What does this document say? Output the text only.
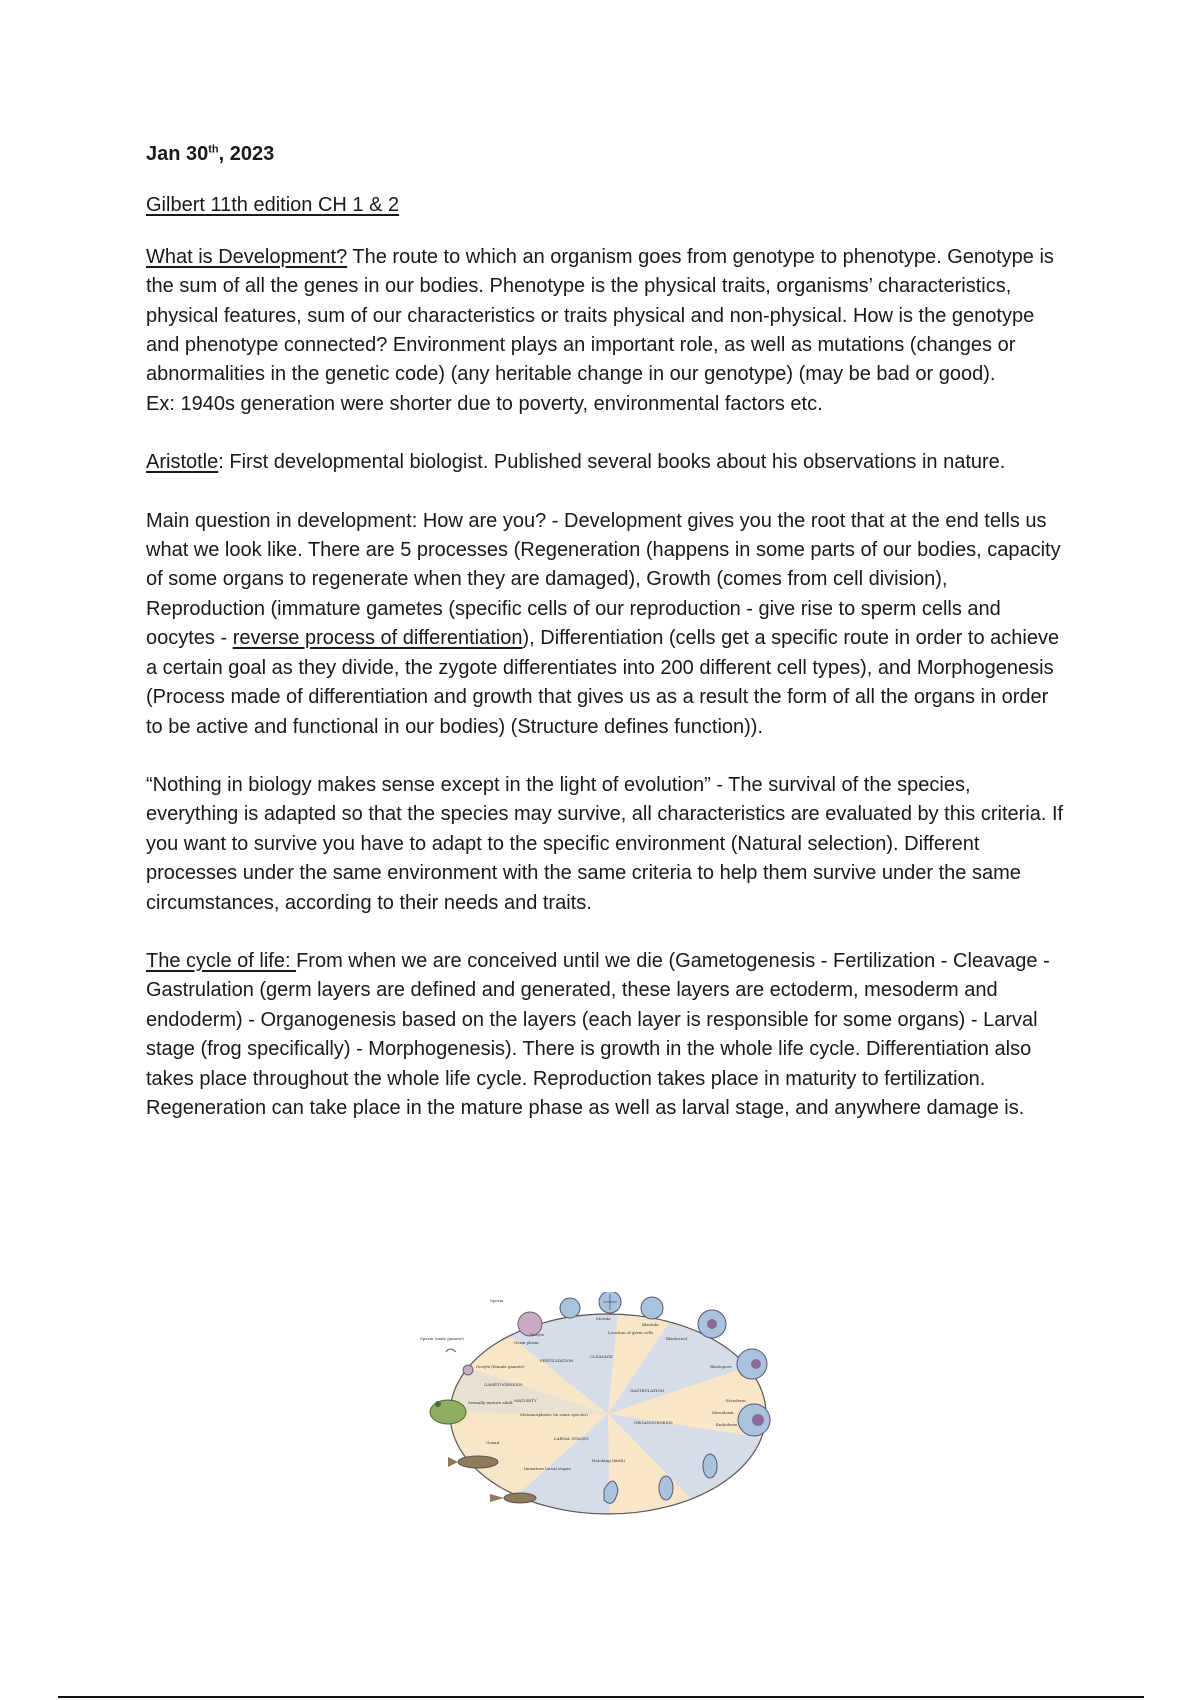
Jan 30th, 2023
Gilbert 11th edition CH 1 & 2

What is Development? The route to which an organism goes from genotype to phenotype. Genotype is the sum of all the genes in our bodies. Phenotype is the physical traits, organisms’ characteristics, physical features, sum of our characteristics or traits physical and non-physical. How is the genotype and phenotype connected? Environment plays an important role, as well as mutations (changes or abnormalities in the genetic code) (any heritable change in our genotype) (may be bad or good).
Ex: 1940s generation were shorter due to poverty, environmental factors etc.

Aristotle: First developmental biologist. Published several books about his observations in nature.

Main question in development: How are you? - Development gives you the root that at the end tells us what we look like. There are 5 processes (Regeneration (happens in some parts of our bodies, capacity of some organs to regenerate when they are damaged), Growth (comes from cell division), Reproduction (immature gametes (specific cells of our reproduction - give rise to sperm cells and oocytes - reverse process of differentiation), Differentiation (cells get a specific route in order to achieve a certain goal as they divide, the zygote differentiates into 200 different cell types), and Morphogenesis (Process made of differentiation and growth that gives us as a result the form of all the organs in order to be active and functional in our bodies) (Structure defines function)).

“Nothing in biology makes sense except in the light of evolution” - The survival of the species, everything is adapted so that the species may survive, all characteristics are evaluated by this criteria. If you want to survive you have to adapt to the specific environment (Natural selection). Different processes under the same environment with the same criteria to help them survive under the same circumstances, according to their needs and traits.

The cycle of life: From when we are conceived until we die (Gametogenesis - Fertilization - Cleavage - Gastrulation (germ layers are defined and generated, these layers are ectoderm, mesoderm and endoderm) - Organogenesis based on the layers (each layer is responsible for some organs) - Larval stage (frog specifically) - Morphogenesis). There is growth in the whole life cycle. Differentiation also takes place throughout the whole life cycle. Reproduction takes place in maturity to fertilization. Regeneration can take place in the mature phase as well as larval stage, and anywhere damage is.

Sperm
Sperm (male gamete)
Oocyte
Oocyte (female gamete)
Germ plasm
FERTILIZATION
CLEAVAGE
GAMETOGENESIS
MATURITY
Sexually mature adult
Metamorphosis (in some species)
LARVAL STAGES
Gonad
Immature larval stages
Hatching (birth)
ORGANOGENESIS
GASTRULATION
Morula
Blastula
Location of germ cells
Blastocoel
Blastopore
Ectoderm
Mesoderm
Endoderm
